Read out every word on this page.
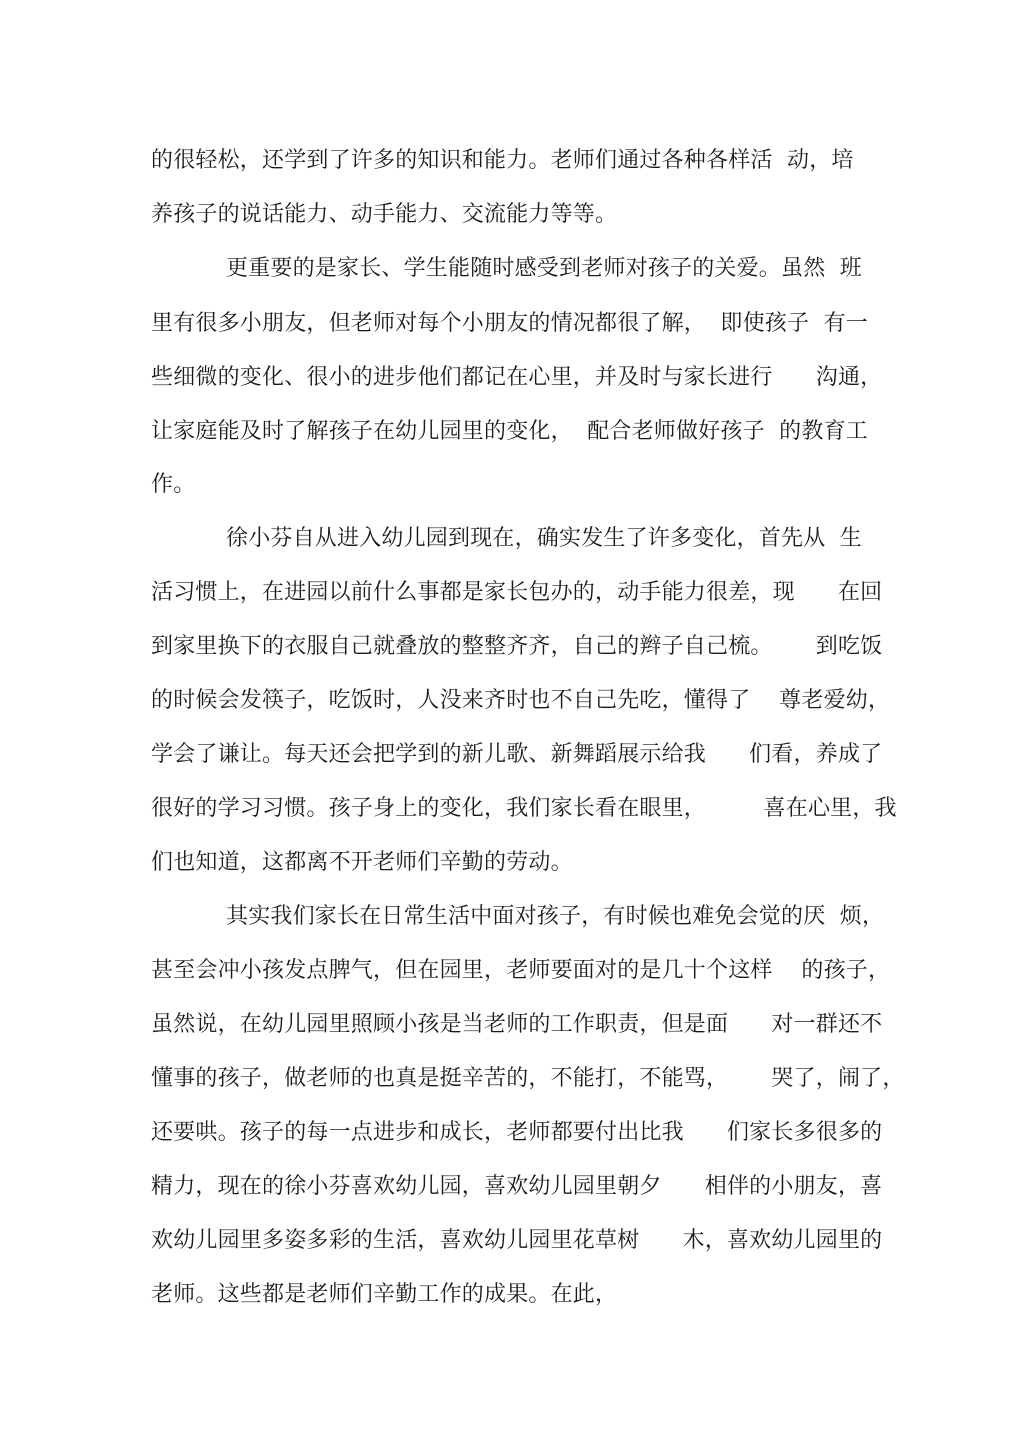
的很轻松，还学到了许多的知识和能力。老师们通过各种各样活  动，培
养孩子的说话能力、动手能力、交流能力等等。
更重要的是家长、学生能随时感受到老师对孩子的关爱。虽然  班
里有很多小朋友，但老师对每个小朋友的情况都很了解，  即使孩子  有一
些细微的变化、很小的进步他们都记在心里，并及时与家长进行      沟通，
让家庭能及时了解孩子在幼儿园里的变化，  配合老师做好孩子  的教育工
作。
徐小芬自从进入幼儿园到现在，确实发生了许多变化，首先从  生
活习惯上，在进园以前什么事都是家长包办的，动手能力很差，现      在回
到家里换下的衣服自己就叠放的整整齐齐，自己的辫子自己梳。      到吃饭
的时候会发筷子，吃饭时，人没来齐时也不自己先吃，懂得了    尊老爱幼，
学会了谦让。每天还会把学到的新儿歌、新舞蹈展示给我      们看，养成了
很好的学习习惯。孩子身上的变化，我们家长看在眼里，        喜在心里，我
们也知道，这都离不开老师们辛勤的劳动。
其实我们家长在日常生活中面对孩子，有时候也难免会觉的厌  烦，
甚至会冲小孩发点脾气，但在园里，老师要面对的是几十个这样    的孩子，
虽然说，在幼儿园里照顾小孩是当老师的工作职责，但是面      对一群还不
懂事的孩子，做老师的也真是挺辛苦的，不能打，不能骂，      哭了，闹了，
还要哄。孩子的每一点进步和成长，老师都要付出比我      们家长多很多的
精力，现在的徐小芬喜欢幼儿园，喜欢幼儿园里朝夕      相伴的小朋友，喜
欢幼儿园里多姿多彩的生活，喜欢幼儿园里花草树      木，喜欢幼儿园里的
老师。这些都是老师们辛勤工作的成果。在此，
